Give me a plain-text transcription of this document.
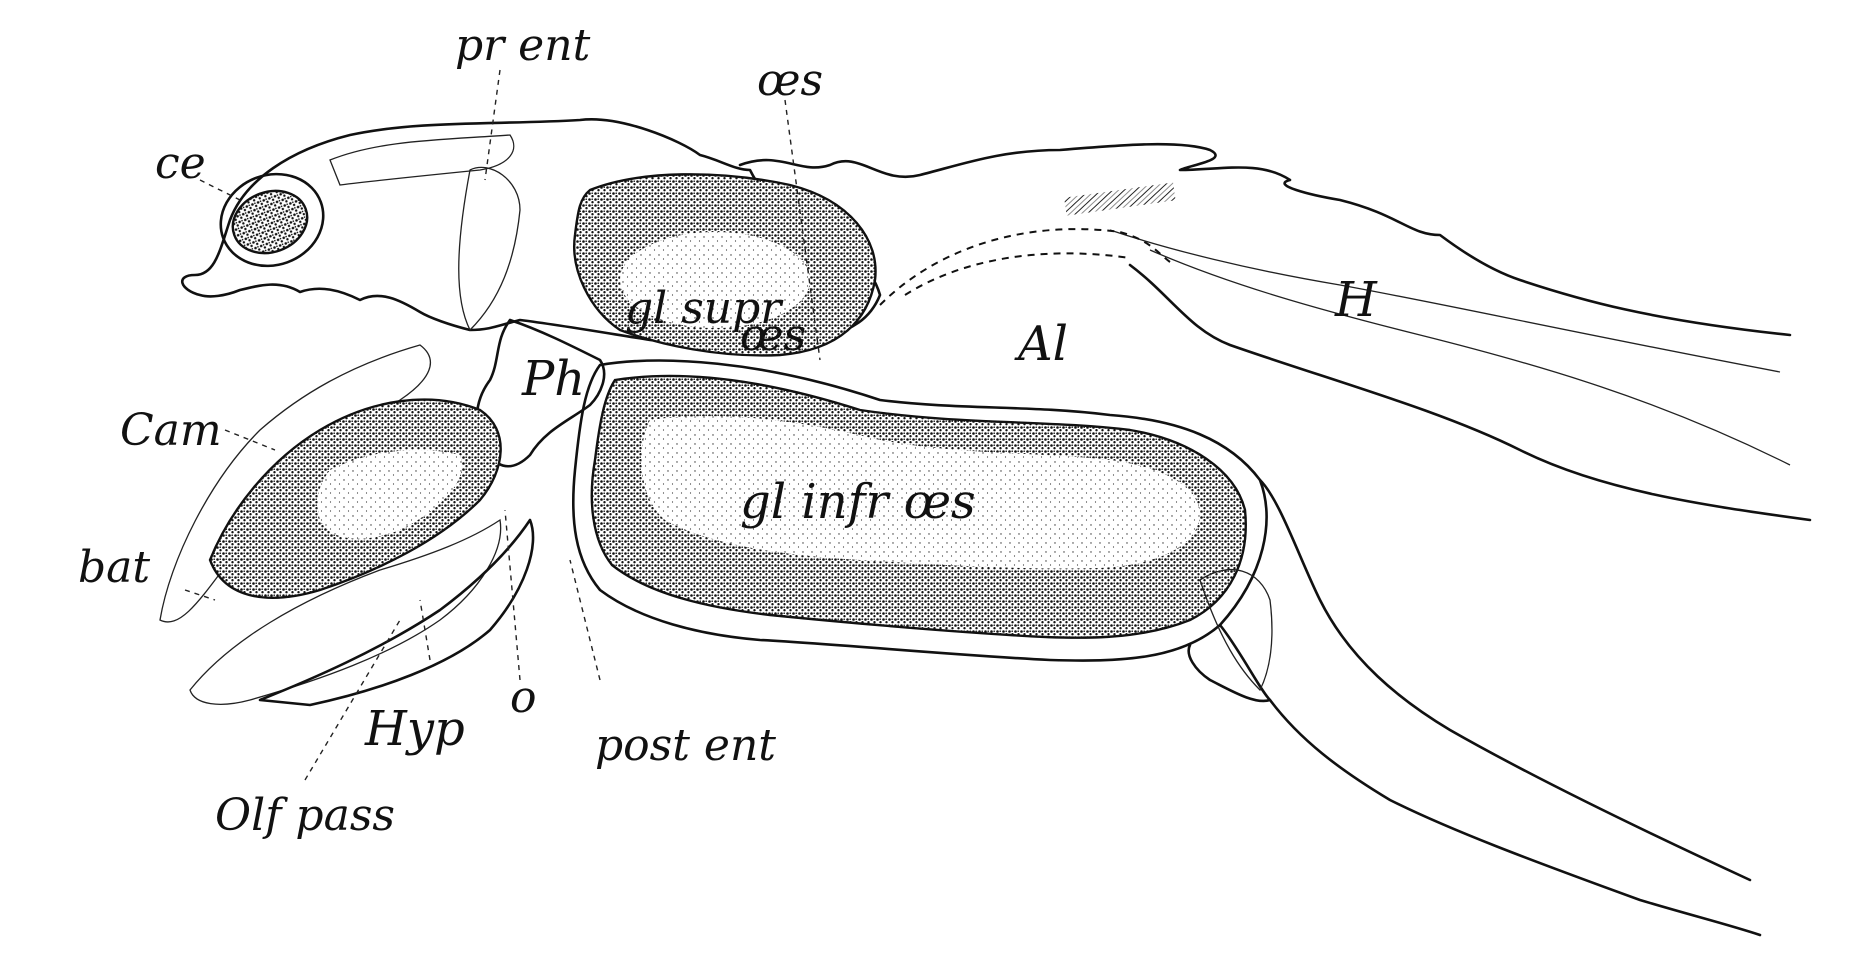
ce
pr ent
œs
gl supr
œs
H
Al
Ph
Cam
gl infr œs
bat
Hyp
o
post ent
Olf pass
